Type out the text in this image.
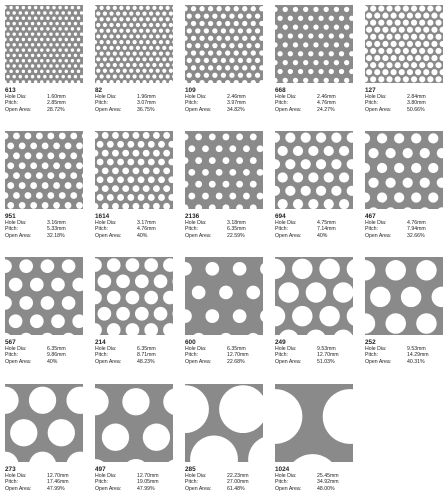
613
Hole Dia:	1.60mm
Pitch:	2.85mm
Open Area:	28.72%
82
Hole Dia:	1.96mm
Pitch:	3.07mm
Open Area:	36.75%
109
Hole Dia:	2.46mm
Pitch:	3.97mm
Open Area:	34.82%
668
Hole Dia:	2.46mm
Pitch:	4.76mm
Open Area:	24.27%
127
Hole Dia:	2.84mm
Pitch:	3.80mm
Open Area:	50.66%
951
Hole Dia:	3.16mm
Pitch:	5.33mm
Open Area:	32.18%
1614
Hole Dia:	3.17mm
Pitch:	4.76mm
Open Area:	40%
2136
Hole Dia:	3.18mm
Pitch:	6.35mm
Open Area:	22.59%
694
Hole Dia:	4.75mm
Pitch:	7.14mm
Open Area:	40%
467
Hole Dia:	4.76mm
Pitch:	7.94mm
Open Area:	32.66%
567
Hole Dia:	6.35mm
Pitch:	9.86mm
Open Area:	40%
214
Hole Dia:	6.35mm
Pitch:	8.71mm
Open Area:	48.23%
600
Hole Dia:	6.35mm
Pitch:	12.70mm
Open Area:	22.68%
249
Hole Dia:	9.53mm
Pitch:	12.70mm
Open Area:	51.03%
252
Hole Dia:	9.53mm
Pitch:	14.29mm
Open Area:	40.31%
273
Hole Dia:	12.70mm
Pitch:	17.46mm
Open Area:	47.99%
497
Hole Dia:	12.70mm
Pitch:	19.05mm
Open Area:	47.99%
285
Hole Dia:	22.23mm
Pitch:	27.00mm
Open Area:	61.48%
1024
Hole Dia:	25.45mm
Pitch:	34.92mm
Open Area:	48.00%
